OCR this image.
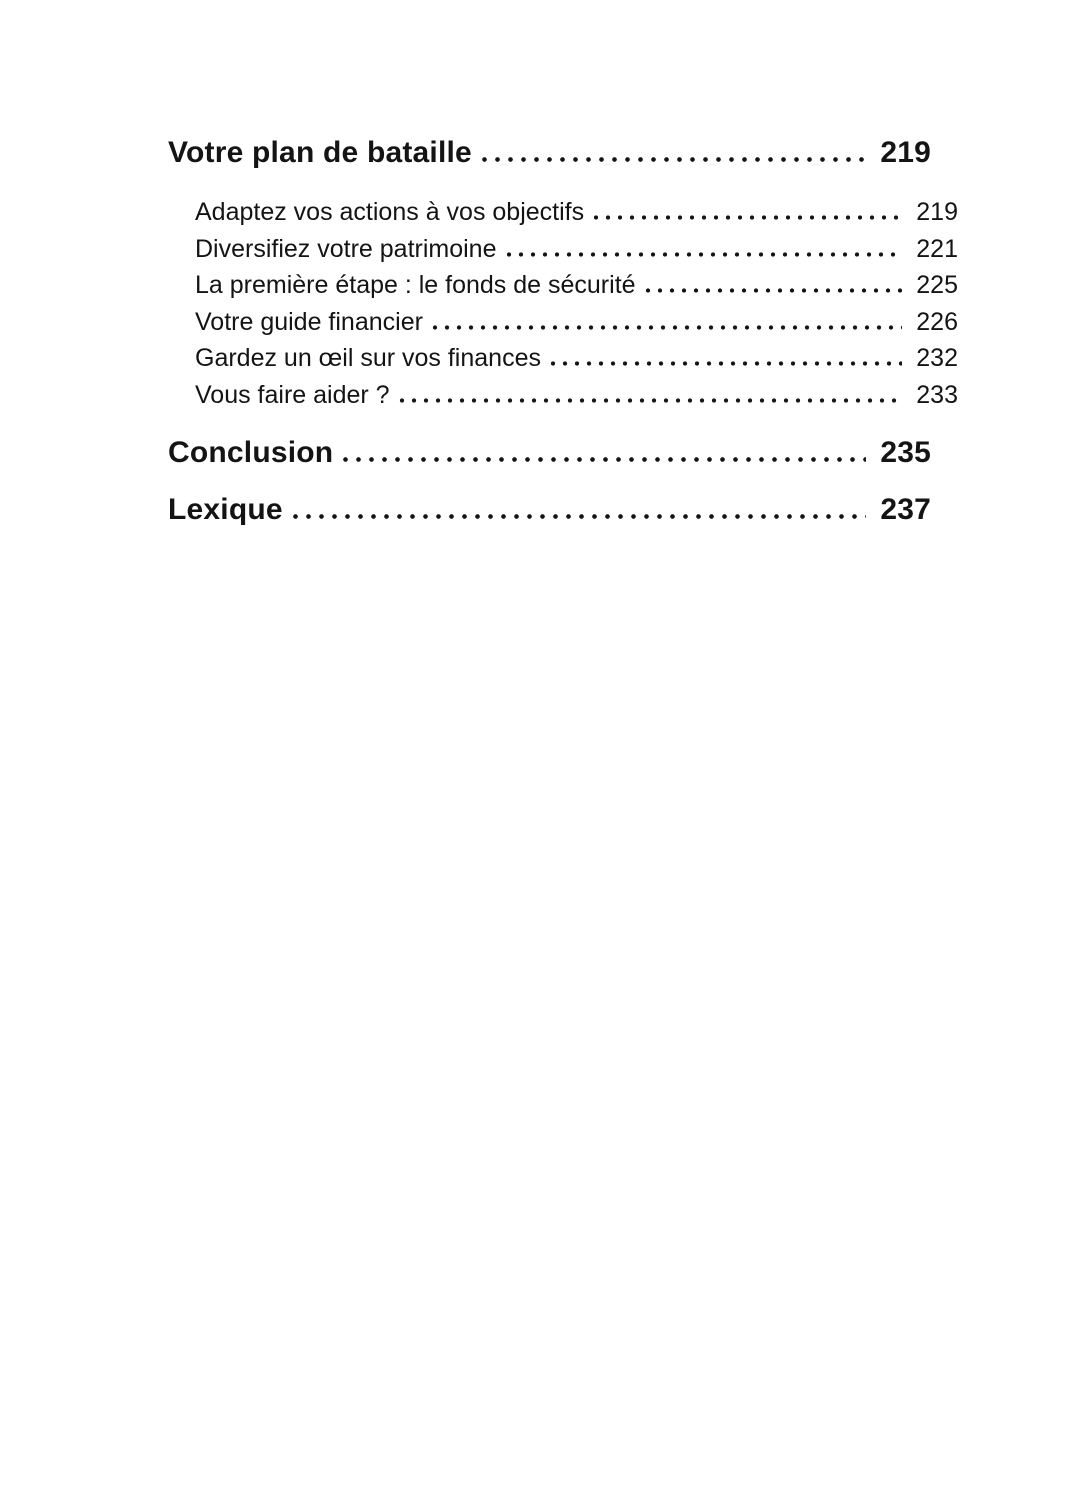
Votre plan de bataille	219
Adaptez vos actions à vos objectifs	219
Diversifiez votre patrimoine	221
La première étape : le fonds de sécurité	225
Votre guide financier	226
Gardez un œil sur vos finances	232
Vous faire aider ?	233
Conclusion	235
Lexique	237
